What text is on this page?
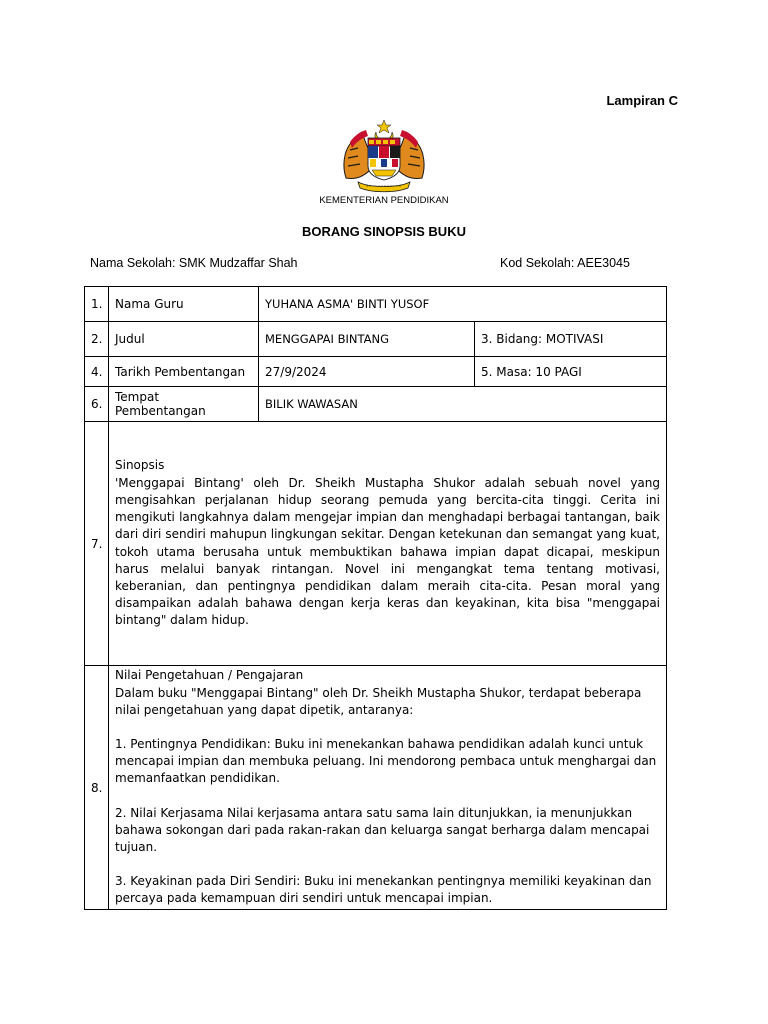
Lampiran C
KEMENTERIAN PENDIDIKAN
BORANG SINOPSIS BUKU
Nama Sekolah: SMK Mudzaffar Shah	Kod Sekolah: AEE3045
1.	Nama Guru	YUHANA ASMA' BINTI YUSOF	
2.	Judul	MENGGAPAI BINTANG	3. Bidang: MOTIVASI
4.	Tarikh Pembentangan	27/9/2024	5. Masa: 10 PAGI
6.	Tempat Pembentangan	BILIK WAWASAN	
7.	Sinopsis

'Menggapai Bintang' oleh Dr. Sheikh Mustapha Shukor adalah sebuah novel yang mengisahkan perjalanan hidup seorang pemuda yang bercita-cita tinggi. Cerita ini mengikuti langkahnya dalam mengejar impian dan menghadapi berbagai tantangan, baik dari diri sendiri mahupun lingkungan sekitar. Dengan ketekunan dan semangat yang kuat, tokoh utama berusaha untuk membuktikan bahawa impian dapat dicapai, meskipun harus melalui banyak rintangan. Novel ini mengangkat tema tentang motivasi, keberanian, dan pentingnya pendidikan dalam meraih cita-cita. Pesan moral yang disampaikan adalah bahawa dengan kerja keras dan keyakinan, kita bisa "menggapai bintang" dalam hidup.		

8.	Nilai Pengetahuan / Pengajaran

Dalam buku "Menggapai Bintang" oleh Dr. Sheikh Mustapha Shukor, terdapat beberapa nilai pengetahuan yang dapat dipetik, antaranya:

1. Pentingnya Pendidikan: Buku ini menekankan bahawa pendidikan adalah kunci untuk mencapai impian dan membuka peluang. Ini mendorong pembaca untuk menghargai dan memanfaatkan pendidikan.

2. Nilai Kerjasama Nilai kerjasama antara satu sama lain ditunjukkan, ia menunjukkan bahawa sokongan dari pada rakan-rakan dan keluarga sangat berharga dalam mencapai tujuan.

3. Keyakinan pada Diri Sendiri: Buku ini menekankan pentingnya memiliki keyakinan dan percaya pada kemampuan diri sendiri untuk mencapai impian.		
